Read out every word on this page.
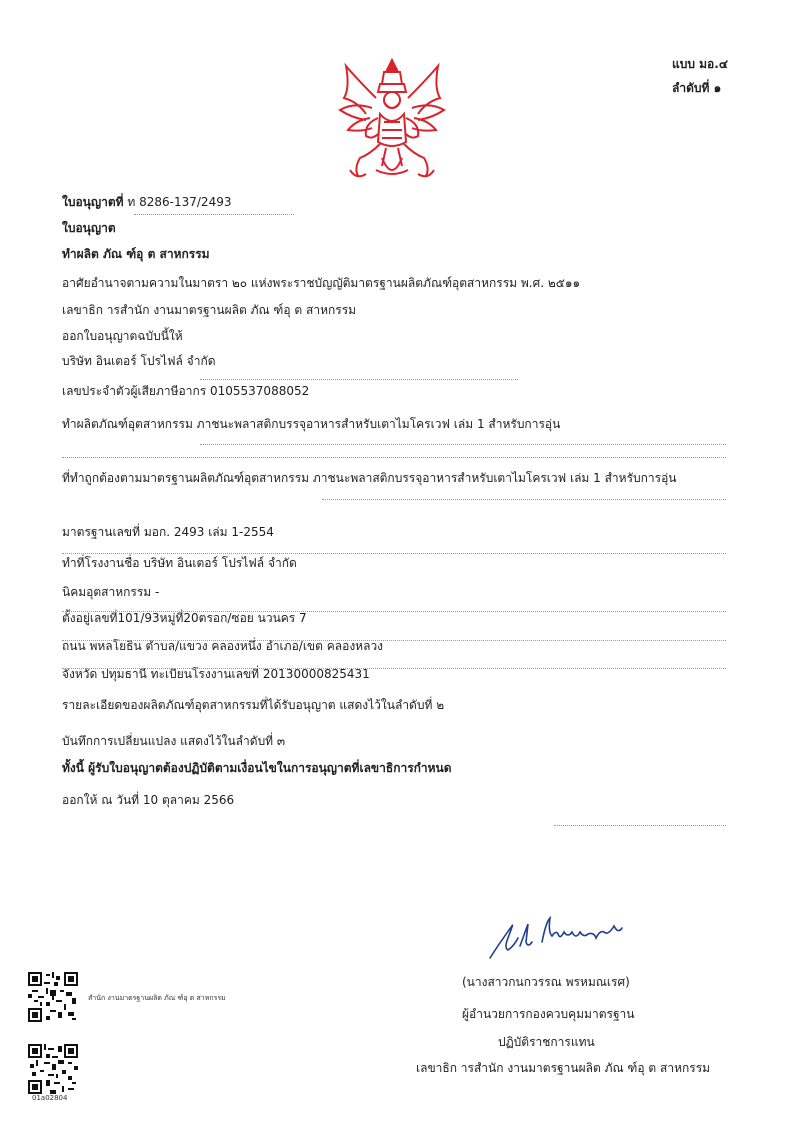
แบบ มอ.๔
ลำดับที่ ๑
ใบอนุญาตที่ ท 8286-137/2493
ใบอนุญาต
ทำผลิต ภัณ ฑ์อุ ต สาหกรรม
อาศัยอำนาจตามความในมาตรา ๒๐ แห่งพระราชบัญญัติมาตรฐานผลิตภัณฑ์อุตสาหกรรม พ.ศ. ๒๕๑๑
เลขาธิก ารสำนัก งานมาตรฐานผลิต ภัณ ฑ์อุ ต สาหกรรม
ออกใบอนุญาตฉบับนี้ให้
บริษัท อินเตอร์ โปรไฟล์ จำกัด
เลขประจำตัวผู้เสียภาษีอากร 0105537088052
ทำผลิตภัณฑ์อุตสาหกรรม ภาชนะพลาสติกบรรจุอาหารสำหรับเตาไมโครเวฟ เล่ม 1 สำหรับการอุ่น
ที่ทำถูกต้องตามมาตรฐานผลิตภัณฑ์อุตสาหกรรม ภาชนะพลาสติกบรรจุอาหารสำหรับเตาไมโครเวฟ เล่ม 1 สำหรับการอุ่น
มาตรฐานเลขที่ มอก. 2493 เล่ม 1-2554
ทำที่โรงงานชื่อ บริษัท อินเตอร์ โปรไฟล์ จำกัด
นิคมอุตสาหกรรม -
ตั้งอยู่เลขที่101/93หมู่ที่20ตรอก/ซอย นวนคร 7
ถนน พหลโยธิน ตำบล/แขวง คลองหนึ่ง อำเภอ/เขต คลองหลวง
จังหวัด ปทุมธานี ทะเบียนโรงงานเลขที่ 20130000825431
รายละเอียดของผลิตภัณฑ์อุตสาหกรรมที่ได้รับอนุญาต แสดงไว้ในลำดับที่ ๒
บันทึกการเปลี่ยนแปลง แสดงไว้ในลำดับที่ ๓
ทั้งนี้ ผู้รับใบอนุญาตต้องปฏิบัติตามเงื่อนไขในการอนุญาตที่เลขาธิการกำหนด
ออกให้ ณ วันที่ 10 ตุลาคม 2566
(นางสาวกนกวรรณ พรหมณเรศ)
ผู้อำนวยการกองควบคุมมาตรฐาน
ปฏิบัติราชการแทน
เลขาธิก ารสำนัก งานมาตรฐานผลิต ภัณ ฑ์อุ ต สาหกรรม
สำนัก งานมาตรฐานผลิต ภัณ ฑ์อุ ต สาหกรรม
01a02804
